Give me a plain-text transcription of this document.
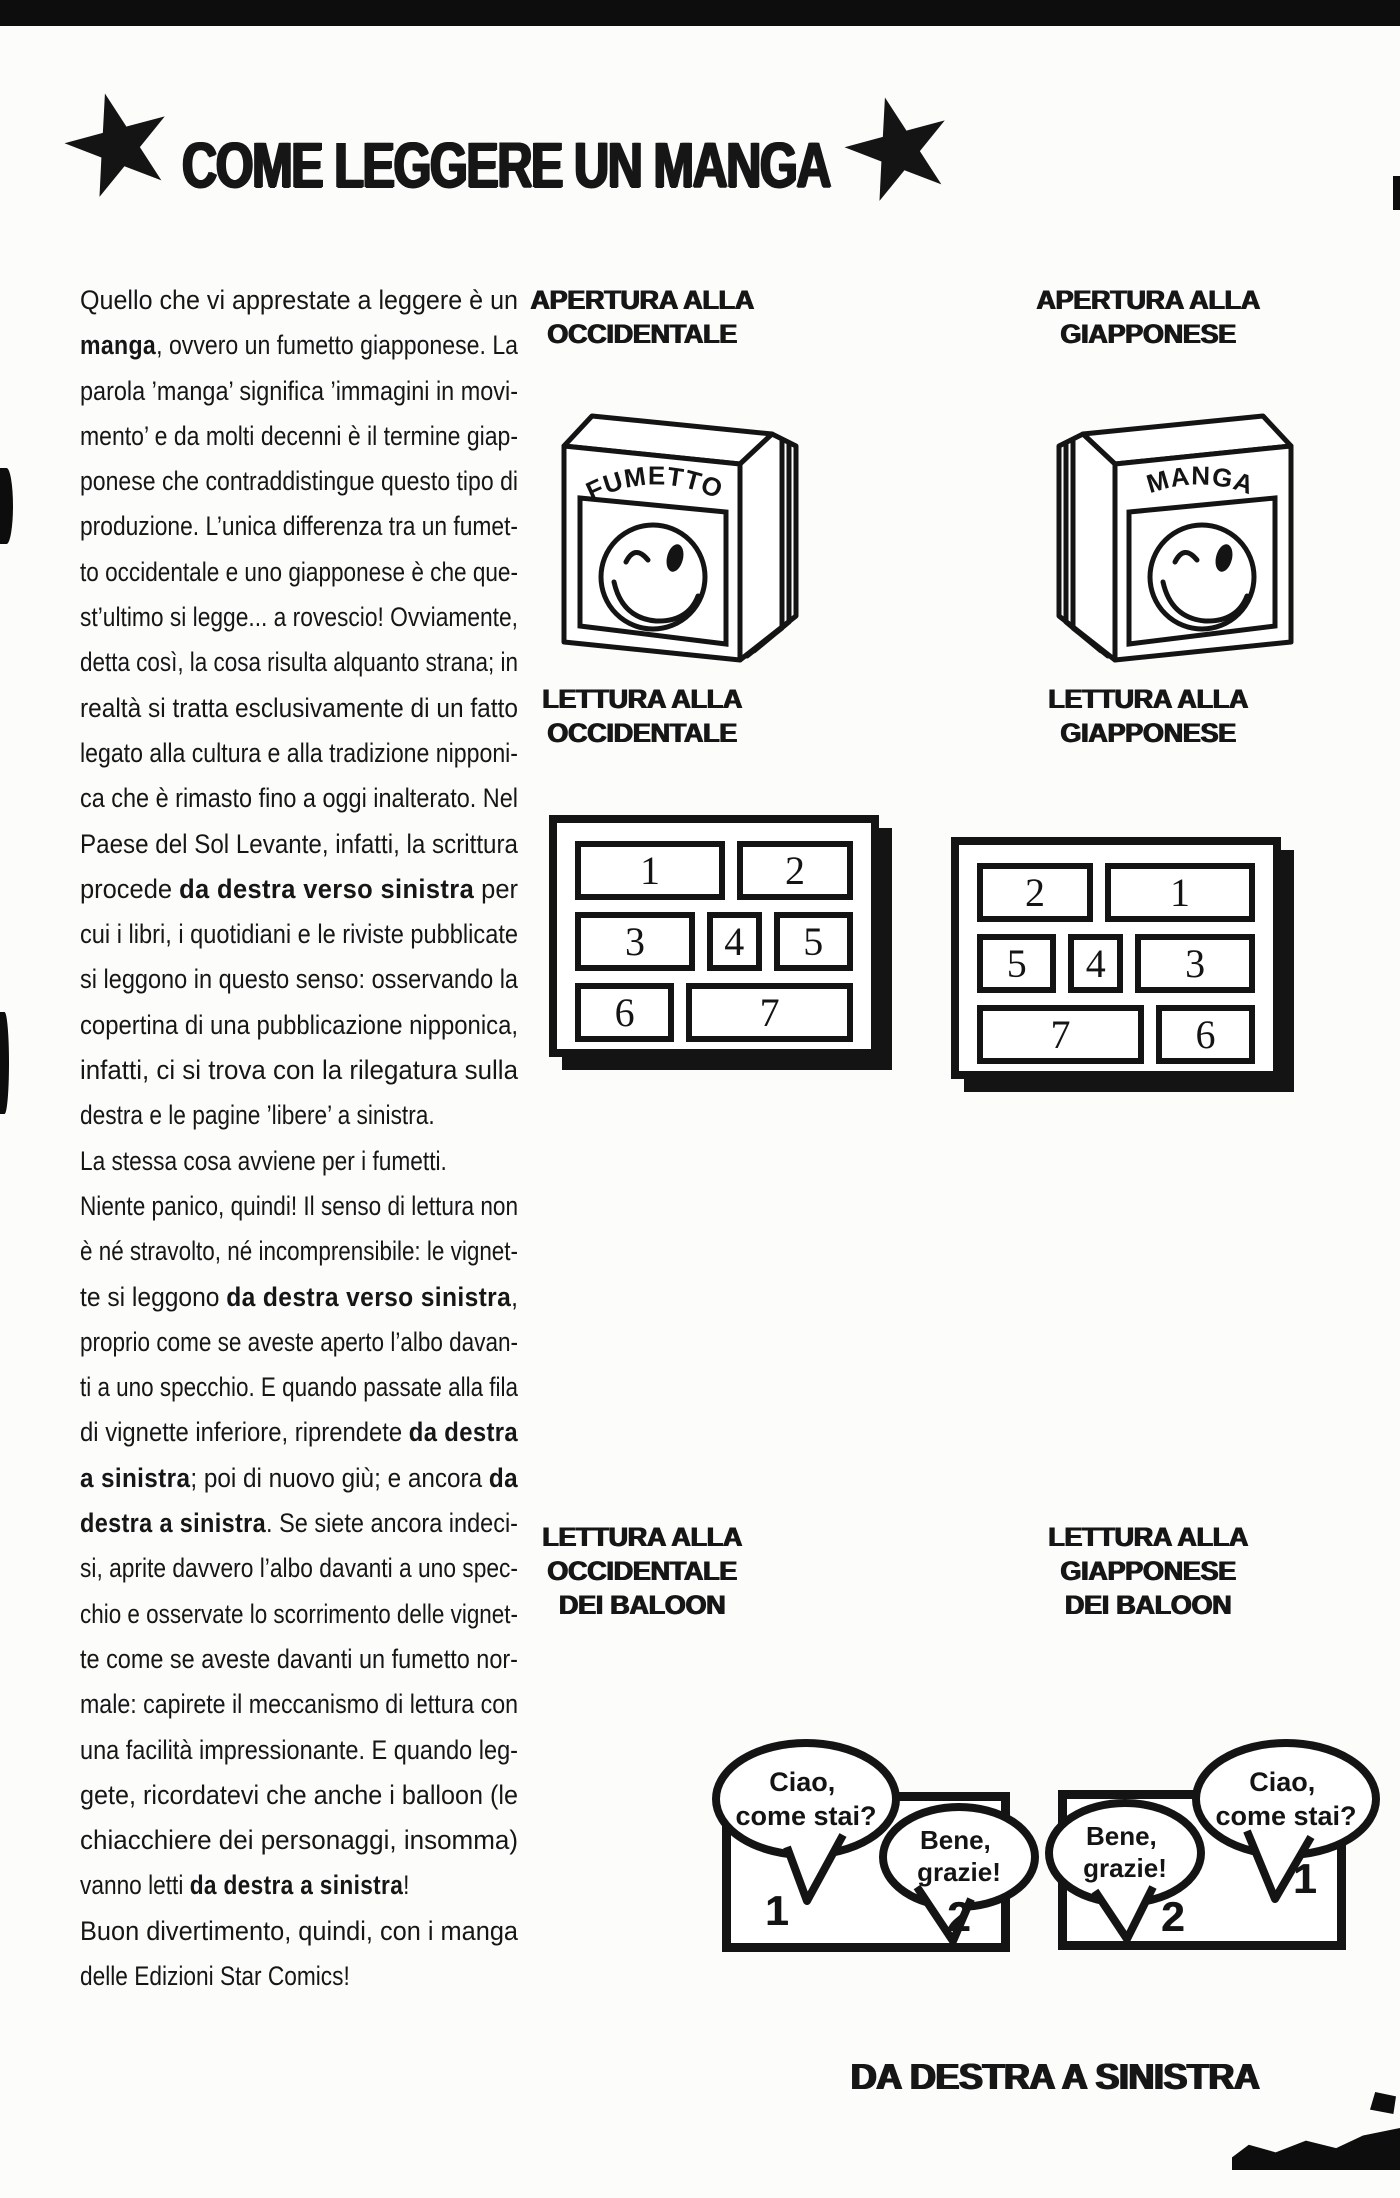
COME LEGGERE UN MANGA
Quello che vi apprestate a leggere è un
manga, ovvero un fumetto giapponese. La
parola ’manga’ significa ’immagini in movi-
mento’ e da molti decenni è il termine giap-
ponese che contraddistingue questo tipo di
produzione. L’unica differenza tra un fumet-
to occidentale e uno giapponese è che que-
st’ultimo si legge... a rovescio! Ovviamente,
detta così, la cosa risulta alquanto strana; in
realtà si tratta esclusivamente di un fatto
legato alla cultura e alla tradizione nipponi-
ca che è rimasto fino a oggi inalterato. Nel
Paese del Sol Levante, infatti, la scrittura
procede da destra verso sinistra per
cui i libri, i quotidiani e le riviste pubblicate
si leggono in questo senso: osservando la
copertina di una pubblicazione nipponica,
infatti, ci si trova con la rilegatura sulla
destra e le pagine ’libere’ a sinistra.
La stessa cosa avviene per i fumetti.
Niente panico, quindi! Il senso di lettura non
è né stravolto, né incomprensibile: le vignet-
te si leggono da destra verso sinistra,
proprio come se aveste aperto l’albo davan-
ti a uno specchio. E quando passate alla fila
di vignette inferiore, riprendete da destra
a sinistra; poi di nuovo giù; e ancora da
destra a sinistra. Se siete ancora indeci-
si, aprite davvero l’albo davanti a uno spec-
chio e osservate lo scorrimento delle vignet-
te come se aveste davanti un fumetto nor-
male: capirete il meccanismo di lettura con
una facilità impressionante. E quando leg-
gete, ricordatevi che anche i balloon (le
chiacchiere dei personaggi, insomma)
vanno letti da destra a sinistra!
Buon divertimento, quindi, con i manga
delle Edizioni Star Comics!
APERTURA ALLA
OCCIDENTALE
APERTURA ALLA
GIAPPONESE
FUMETTO	MANGA
LETTURA ALLA
OCCIDENTALE
LETTURA ALLA
GIAPPONESE
1	2
3	4	5
6	7
2	1
5	4	3
7	6
LETTURA ALLA
OCCIDENTALE
DEI BALOON
LETTURA ALLA
GIAPPONESE
DEI BALOON
Ciao, come stai?
1
Bene, grazie!
2
Bene, grazie!
2
Ciao, come stai?
1
DA DESTRA A SINISTRA
